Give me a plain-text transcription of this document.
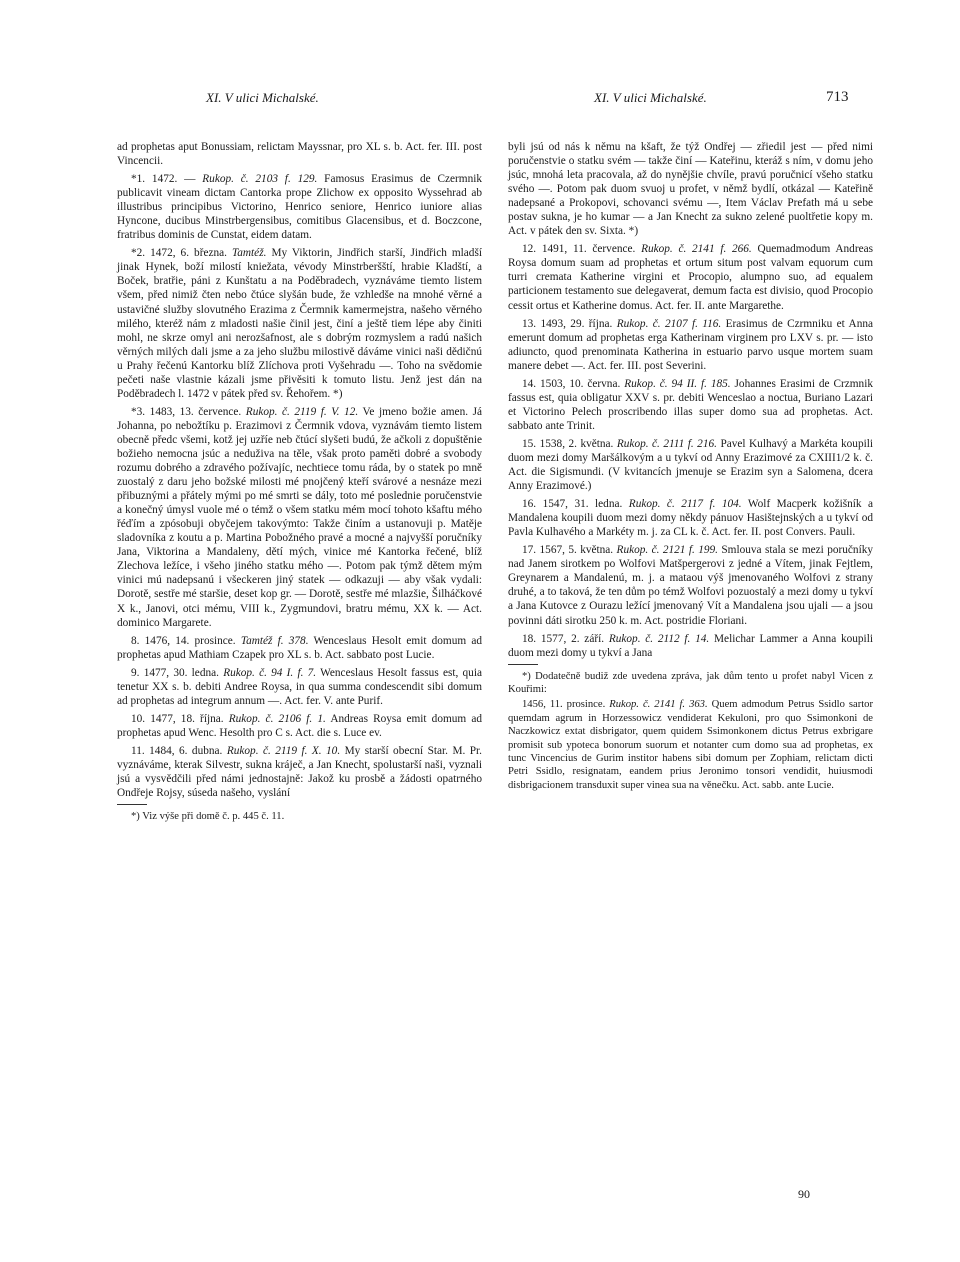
XI. V ulici Michalské.	XI. V ulici Michalské.	713

ad prophetas aput Bonussiam, relictam Mayssnar, pro XL s. b. Act. fer. III. post Vincencii.

*1. 1472. — Rukop. č. 2103 f. 129. Famosus Erasimus de Czermnik publicavit vineam dictam Cantorka prope Zlichow ex opposito Wyssehrad ab illustribus principibus Victorino, Henrico seniore, Henrico iuniore alias Hyncone, ducibus Minstrbergensibus, comitibus Glacensibus, et d. Boczcone, fratribus dominis de Cunstat, eidem datam.

*2. 1472, 6. března. Tamtéž. My Viktorin, Jindřich starší, Jindřich mladší jinak Hynek, boží milostí kniežata, vévody Minstrberšští, hrabie Kladští, a Boček, bratřie, páni z Kunštatu a na Poděbradech, vyznáváme tiemto listem všem, před nimiž čten nebo čtúce slyšán bude, že vzhledše na mnohé věrné a ustavičné služby slovutného Erazima z Čermnik kamermejstra, našeho věrného milého, kteréž nám z mladosti našie činil jest, činí a ještě tiem lépe aby činiti mohl, ne skrze omyl ani nerozšafnost, ale s dobrým rozmyslem a radú našich věrných milých dali jsme a za jeho službu milostivě dáváme vinici naši dědičnú u Prahy řečenú Kantorku blíž Zlíchova proti Vyšehradu —. Toho na svědomie pečeti naše vlastnie kázali jsme přivěsiti k tomuto listu. Jenž jest dán na Poděbradech l. 1472 v pátek před sv. Řehořem. *)

*3. 1483, 13. července. Rukop. č. 2119 f. V. 12. Ve jmeno božie amen. Já Johanna, po nebožtíku p. Erazimovi z Čermnik vdova, vyznávám tiemto listem obecně předc všemi, kotž jej uzříe neb čtúcí slyšeti budú, že ačkoli z dopuštěnie božieho nemocna jsúc a neduživa na těle, však proto paměti dobré a svobody rozumu dobrého a zdravého požívajíc, nechtiece tomu ráda, by o statek po mně zuostalý z daru jeho božské milosti mé pnojčený kteří svárové a nesnáze mezi přibuznými a přátely mými po mé smrti se dály, toto mé poslednie poručenstvie a konečný úmysl vuole mé o témž o všem statku mém mocí tohoto kšaftu mého řéďím a zpósobuji obyčejem takovýmto: Takže činím a ustanovuji p. Matěje sladovníka z koutu a p. Martina Pobožného pravé a mocné a najvyšší poručníky Jana, Viktorina a Mandaleny, dětí mých, vinice mé Kantorka řečené, blíž Zlechova ležíce, i všeho jiného statku mého —. Potom pak týmž dětem mým vinici mú nadepsanú i všeckeren jiný statek — odkazuji — aby však vydali: Dorotě, sestře mé staršie, deset kop gr. — Dorotě, sestře mé mlazšie, Šilháčkové X k., Janovi, otci mému, VIII k., Zygmundovi, bratru mému, XX k. — Act. dominico Margarete.

8. 1476, 14. prosince. Tamtéž f. 378. Wenceslaus Hesolt emit domum ad prophetas apud Mathiam Czapek pro XL s. b. Act. sabbato post Lucie.

9. 1477, 30. ledna. Rukop. č. 94 I. f. 7. Wenceslaus Hesolt fassus est, quia tenetur XX s. b. debiti Andree Roysa, in qua summa condescendit sibi domum ad prophetas ad integrum annum —. Act. fer. V. ante Purif.

10. 1477, 18. října. Rukop. č. 2106 f. 1. Andreas Roysa emit domum ad prophetas apud Wenc. Hesolth pro C s. Act. die s. Luce ev.

11. 1484, 6. dubna. Rukop. č. 2119 f. X. 10. My starší obecní Star. M. Pr. vyznáváme, kterak Silvestr, sukna kráječ, a Jan Knecht, spolustarší naši, vyznali jsú a vysvědčili před námi jednostajně: Jakož ku prosbě a žádosti opatrného Ondřeje Rojsy, súseda našeho, vyslání

*) Viz výše při domě č. p. 445 č. 11.

byli jsú od nás k němu na kšaft, že týž Ondřej — zřiedil jest — před nimi poručenstvie o statku svém — takže činí — Kateřinu, kteráž s ním, v domu jeho jsúc, mnohá leta pracovala, až do nynějšie chvíle, pravú poručnicí všeho statku svého —. Potom pak duom svuoj u profet, v němž bydlí, otkázal — Kateřině nadepsané a Prokopovi, schovanci svému —, Item Václav Prefath má u sebe postav sukna, je ho kumar — a Jan Knecht za sukno zelené puoltřetie kopy m. Act. v pátek den sv. Sixta. *)

12. 1491, 11. července. Rukop. č. 2141 f. 266. Quemadmodum Andreas Roysa domum suam ad prophetas et ortum situm post valvam equorum cum turri cremata Katherine virgini et Procopio, alumpno suo, ad equalem particionem testamento sue delegaverat, demum facta est divisio, quod Procopio cessit ortus et Katherine domus. Act. fer. II. ante Margarethe.

13. 1493, 29. října. Rukop. č. 2107 f. 116. Erasimus de Czrmniku et Anna emerunt domum ad prophetas erga Katherinam virginem pro LXV s. pr. — isto adiuncto, quod prenominata Katherina in estuario parvo usque mortem suam manere debet —. Act. fer. III. post Severini.

14. 1503, 10. června. Rukop. č. 94 II. f. 185. Johannes Erasimi de Crzmnik fassus est, quia obligatur XXV s. pr. debiti Wenceslao a noctua, Buriano Lazari et Victorino Pelech proscribendo illas super domo sua ad prophetas. Act. sabbato ante Trinit.

15. 1538, 2. května. Rukop. č. 2111 f. 216. Pavel Kulhavý a Markéta koupili duom mezi domy Maršálkovým a u tykví od Anny Erazimové za CXIII1/2 k. č. Act. die Sigismundi. (V kvitancích jmenuje se Erazim syn a Salomena, dcera Anny Erazimové.)

16. 1547, 31. ledna. Rukop. č. 2117 f. 104. Wolf Macperk kožišník a Mandalena koupili duom mezi domy někdy pánuov Hasištejnských a u tykví od Pavla Kulhavého a Markéty m. j. za CL k. č. Act. fer. II. post Convers. Pauli.

17. 1567, 5. května. Rukop. č. 2121 f. 199. Smlouva stala se mezi poručníky nad Janem sirotkem po Wolfovi Matšpergerovi z jedné a Vítem, jinak Fejtlem, Greynarem a Mandalenú, m. j. a mataou výš jmenovaného Wolfovi z strany druhé, a to taková, že ten dům po témž Wolfovi pozuostalý a mezi domy u tykví a Jana Kutovce z Ourazu ležící jmenovaný Vít a Mandalena jsou ujali — a jsou povinni dáti sirotku 250 k. m. Act. postridie Floriani.

18. 1577, 2. září. Rukop. č. 2112 f. 14. Melichar Lammer a Anna koupili duom mezi domy u tykví a Jana

*) Dodatečně budiž zde uvedena zpráva, jak dům tento u profet nabyl Vicen z Kouřimi:

1456, 11. prosince. Rukop. č. 2141 f. 363. Quem admodum Petrus Ssidlo sartor quemdam agrum in Horzessowicz vendiderat Kekuloni, pro quo Ssimonkoni de Naczkowicz extat disbrigator, quem quidem Ssimonkonem dictus Petrus exbrigare promisit sub ypoteca bonorum suorum et notanter cum domo sua ad prophetas, ex tunc Vincencius de Gurim institor habens sibi domum per Zophiam, relictam dicti Petri Ssidlo, resignatam, eandem prius Jeronimo tonsori vendidit, huiusmodi disbrigacionem transduxit super vinea sua na věnečku. Act. sabb. ante Lucie.

90
